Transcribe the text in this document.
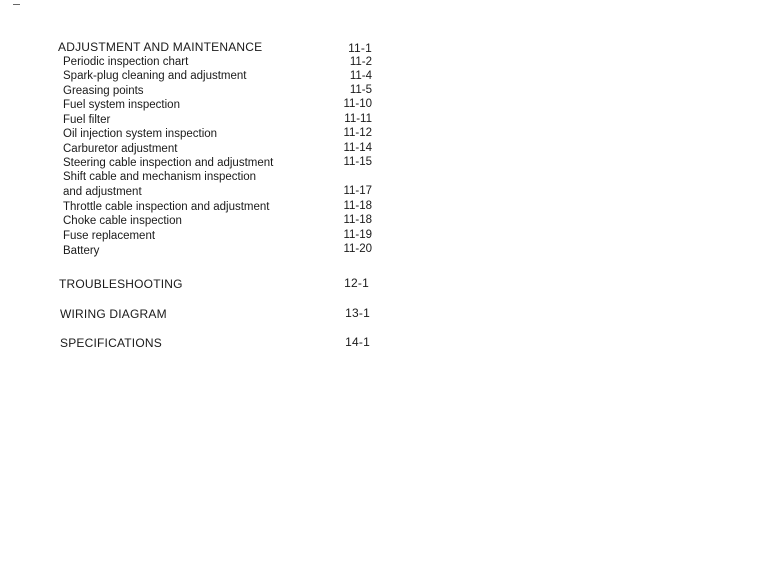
ADJUSTMENT AND MAINTENANCE	11-1
Periodic inspection chart	11-2
Spark-plug cleaning and adjustment	11-4
Greasing points	11-5
Fuel system inspection	11-10
Fuel filter	11-11
Oil injection system inspection	11-12
Carburetor adjustment	11-14
Steering cable inspection and adjustment	11-15
Shift cable and mechanism inspection
and adjustment	11-17
Throttle cable inspection and adjustment	11-18
Choke cable inspection	11-18
Fuse replacement	11-19
Battery	11-20
TROUBLESHOOTING	12-1
WIRING DIAGRAM	13-1
SPECIFICATIONS	14-1
